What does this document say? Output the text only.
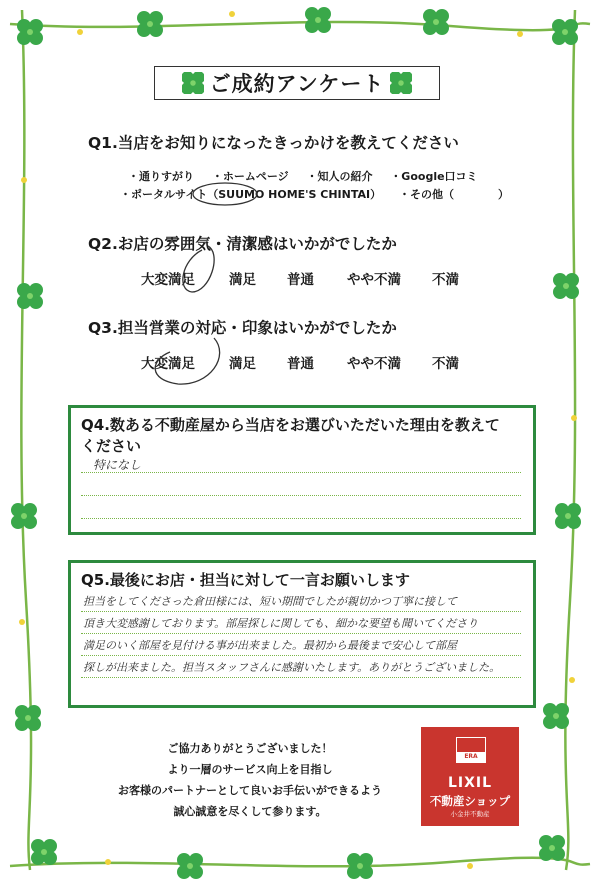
ご成約アンケート
Q1.当店をお知りになったきっかけを教えてください
・通りすがり ・ホームページ ・知人の紹介 ・Google口コミ
・ポータルサイト（SUUMO HOME'S CHINTAI） ・その他（　　　　）
Q2.お店の雰囲気・清潔感はいかがでしたか
大変満足	満足 普通 やや不満 不満
Q3.担当営業の対応・印象はいかがでしたか
大変満足	満足 普通 やや不満 不満
Q4.数ある不動産屋から当店をお選びいただいた理由を教えて
ください
特になし
Q5.最後にお店・担当に対して一言お願いします
担当をしてくださった倉田様には、短い期間でしたが親切かつ丁寧に接して
頂き大変感謝しております。部屋探しに関しても、細かな要望も聞いてくださり
満足のいく部屋を見付ける事が出来ました。最初から最後まで安心して部屋
探しが出来ました。担当スタッフさんに感謝いたします。ありがとうございました。
ご協力ありがとうございました！
より一層のサービス向上を目指し
お客様のパートナーとして良いお手伝いができるよう
誠心誠意を尽くして参ります。
ERA
LIXIL
不動産ショップ
小金井不動産
